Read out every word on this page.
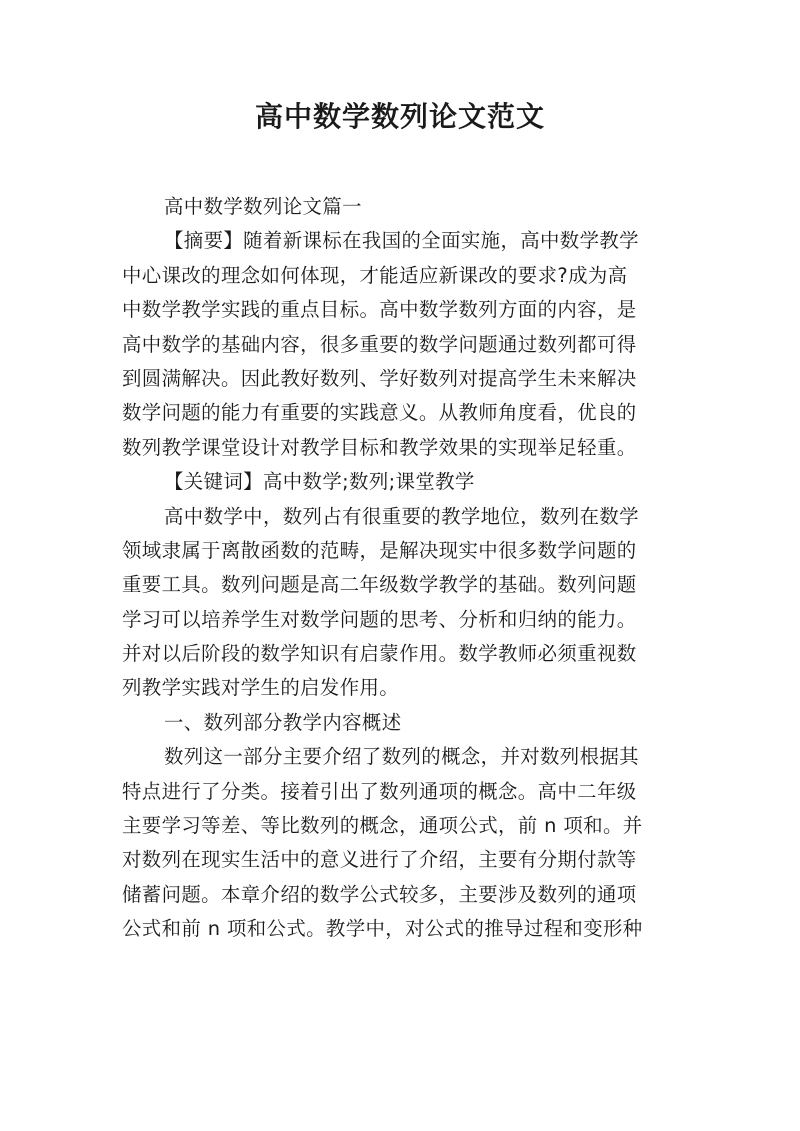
高中数学数列论文范文
高中数学数列论文篇一
【摘要】随着新课标在我国的全面实施，高中数学教学
中心课改的理念如何体现，才能适应新课改的要求?成为高
中数学教学实践的重点目标。高中数学数列方面的内容，是
高中数学的基础内容，很多重要的数学问题通过数列都可得
到圆满解决。因此教好数列、学好数列对提高学生未来解决
数学问题的能力有重要的实践意义。从教师角度看，优良的
数列教学课堂设计对教学目标和教学效果的实现举足轻重。
【关键词】高中数学;数列;课堂教学
高中数学中，数列占有很重要的教学地位，数列在数学
领域隶属于离散函数的范畴，是解决现实中很多数学问题的
重要工具。数列问题是高二年级数学教学的基础。数列问题
学习可以培养学生对数学问题的思考、分析和归纳的能力。
并对以后阶段的数学知识有启蒙作用。数学教师必须重视数
列教学实践对学生的启发作用。
一、数列部分教学内容概述
数列这一部分主要介绍了数列的概念，并对数列根据其
特点进行了分类。接着引出了数列通项的概念。高中二年级
主要学习等差、等比数列的概念，通项公式，前 n 项和。并
对数列在现实生活中的意义进行了介绍，主要有分期付款等
储蓄问题。本章介绍的数学公式较多，主要涉及数列的通项
公式和前 n 项和公式。教学中，对公式的推导过程和变形种
